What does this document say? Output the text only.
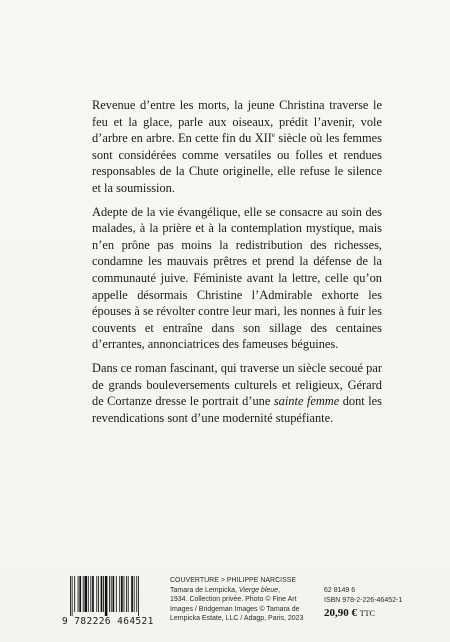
Revenue d’entre les morts, la jeune Christina traverse le feu et la glace, parle aux oiseaux, prédit l’avenir, vole d’arbre en arbre. En cette fin du XIIe siècle où les femmes sont considérées comme versatiles ou folles et rendues responsables de la Chute originelle, elle refuse le silence et la soumission.

Adepte de la vie évangélique, elle se consacre au soin des malades, à la prière et à la contemplation mystique, mais n’en prône pas moins la redistribution des richesses, condamne les mauvais prêtres et prend la défense de la communauté juive. Féministe avant la lettre, celle qu’on appelle désormais Christine l’Admirable exhorte les épouses à se révolter contre leur mari, les nonnes à fuir les couvents et entraîne dans son sillage des centaines d’errantes, annonciatrices des fameuses béguines.

Dans ce roman fascinant, qui traverse un siècle secoué par de grands bouleversements culturels et religieux, Gérard de Cortanze dresse le portrait d’une sainte femme dont les revendications sont d’une modernité stupéfiante.

9 782226 464521
COUVERTURE > PHILIPPE NARCISSE
Tamara de Lempicka, Vierge bleue,
1934. Collection privée. Photo © Fine Art
Images / Bridgeman Images © Tamara de
Lempicka Estate, LLC / Adagp, Paris, 2023
62 8149 6
ISBN 978-2-226-46452-1
20,90 € TTC
